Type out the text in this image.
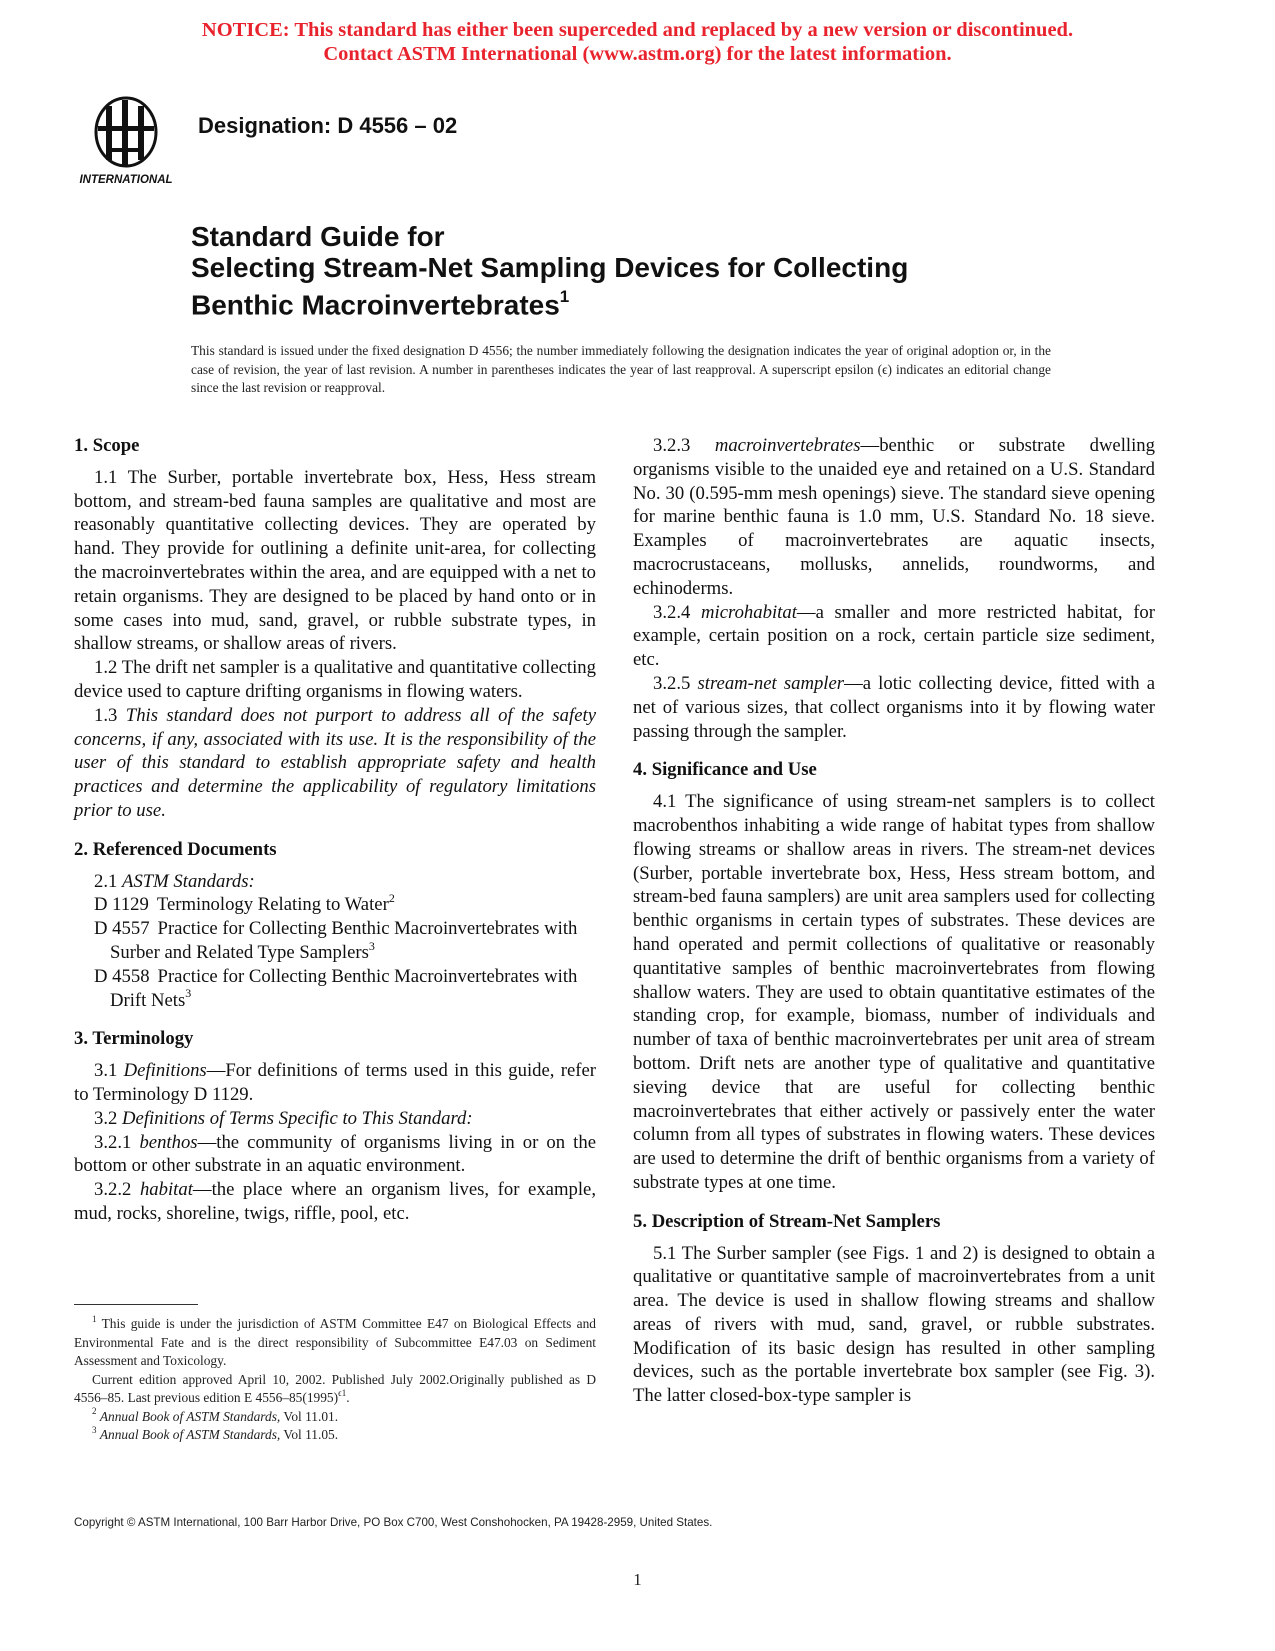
NOTICE: This standard has either been superceded and replaced by a new version or discontinued.
Contact ASTM International (www.astm.org) for the latest information.
INTERNATIONAL
Designation: D 4556 – 02
Standard Guide for
Selecting Stream-Net Sampling Devices for Collecting
Benthic Macroinvertebrates$^1$
This standard is issued under the fixed designation D 4556; the number immediately following the designation indicates the year of original adoption or, in the case of revision, the year of last revision. A number in parentheses indicates the year of last reapproval. A superscript epsilon (ϵ) indicates an editorial change since the last revision or reapproval.
1. Scope

1.1 The Surber, portable invertebrate box, Hess, Hess stream bottom, and stream-bed fauna samples are qualitative and most are reasonably quantitative collecting devices. They are operated by hand. They provide for outlining a definite unit-area, for collecting the macroinvertebrates within the area, and are equipped with a net to retain organisms. They are designed to be placed by hand onto or in some cases into mud, sand, gravel, or rubble substrate types, in shallow streams, or shallow areas of rivers.

1.2 The drift net sampler is a qualitative and quantitative collecting device used to capture drifting organisms in flowing waters.

1.3 This standard does not purport to address all of the safety concerns, if any, associated with its use. It is the responsibility of the user of this standard to establish appropriate safety and health practices and determine the applicability of regulatory limitations prior to use.

2. Referenced Documents

2.1 ASTM Standards:

D 1129 Terminology Relating to Water$^2$

D 4557 Practice for Collecting Benthic Macroinvertebrates with Surber and Related Type Samplers$^3$

D 4558 Practice for Collecting Benthic Macroinvertebrates with Drift Nets$^3$

3. Terminology

3.1 Definitions—For definitions of terms used in this guide, refer to Terminology D 1129.

3.2 Definitions of Terms Specific to This Standard:

3.2.1 benthos—the community of organisms living in or on the bottom or other substrate in an aquatic environment.

3.2.2 habitat—the place where an organism lives, for example, mud, rocks, shoreline, twigs, riffle, pool, etc.

3.2.3 macroinvertebrates—benthic or substrate dwelling organisms visible to the unaided eye and retained on a U.S. Standard No. 30 (0.595-mm mesh openings) sieve. The standard sieve opening for marine benthic fauna is 1.0 mm, U.S. Standard No. 18 sieve. Examples of macroinvertebrates are aquatic insects, macrocrustaceans, mollusks, annelids, roundworms, and echinoderms.

3.2.4 microhabitat—a smaller and more restricted habitat, for example, certain position on a rock, certain particle size sediment, etc.

3.2.5 stream-net sampler—a lotic collecting device, fitted with a net of various sizes, that collect organisms into it by flowing water passing through the sampler.

4. Significance and Use

4.1 The significance of using stream-net samplers is to collect macrobenthos inhabiting a wide range of habitat types from shallow flowing streams or shallow areas in rivers. The stream-net devices (Surber, portable invertebrate box, Hess, Hess stream bottom, and stream-bed fauna samplers) are unit area samplers used for collecting benthic organisms in certain types of substrates. These devices are hand operated and permit collections of qualitative or reasonably quantitative samples of benthic macroinvertebrates from flowing shallow waters. They are used to obtain quantitative estimates of the standing crop, for example, biomass, number of individuals and number of taxa of benthic macroinvertebrates per unit area of stream bottom. Drift nets are another type of qualitative and quantitative sieving device that are useful for collecting benthic macroinvertebrates that either actively or passively enter the water column from all types of substrates in flowing waters. These devices are used to determine the drift of benthic organisms from a variety of substrate types at one time.

5. Description of Stream-Net Samplers

5.1 The Surber sampler (see Figs. 1 and 2) is designed to obtain a qualitative or quantitative sample of macroinvertebrates from a unit area. The device is used in shallow flowing streams and shallow areas of rivers with mud, sand, gravel, or rubble substrates. Modification of its basic design has resulted in other sampling devices, such as the portable invertebrate box sampler (see Fig. 3). The latter closed-box-type sampler is

$^1$ This guide is under the jurisdiction of ASTM Committee E47 on Biological Effects and Environmental Fate and is the direct responsibility of Subcommittee E47.03 on Sediment Assessment and Toxicology.

Current edition approved April 10, 2002. Published July 2002.Originally published as D 4556–85. Last previous edition E $4556-85(1995)^{\epsilon 1}$.

$^2$ Annual Book of ASTM Standards, Vol 11.01.

$^3$ Annual Book of ASTM Standards, Vol 11.05.

Copyright © ASTM International, 100 Barr Harbor Drive, PO Box C700, West Conshohocken, PA 19428-2959, United States.
1
